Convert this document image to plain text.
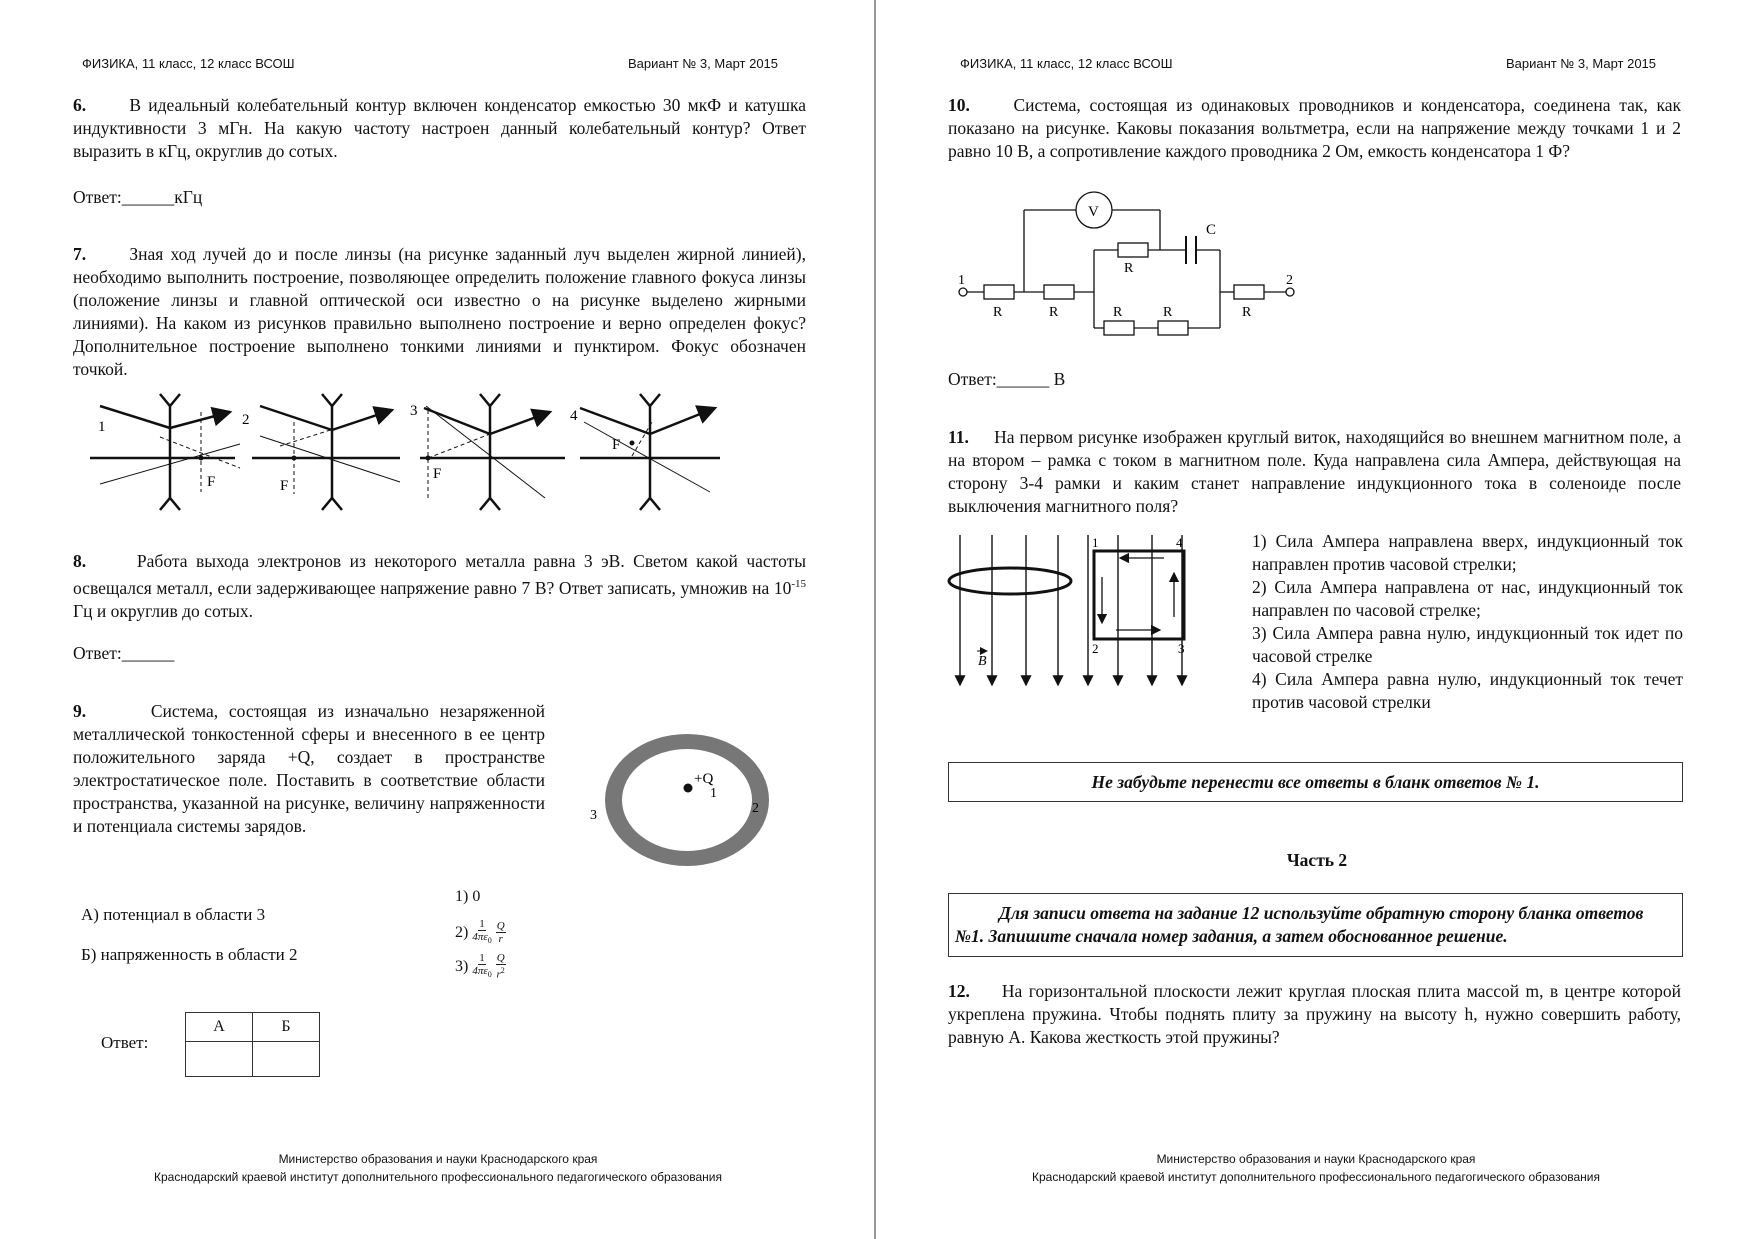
ФИЗИКА, 11 класс, 12 класс ВСОШ	Вариант № 3, Март 2015
6. В идеальный колебательный контур включен конденсатор емкостью 30 мкФ и катушка индуктивности 3 мГн. На какую частоту настроен данный колебательный контур? Ответ выразить в кГц, округлив до сотых.
Ответ:______кГц
7. Зная ход лучей до и после линзы (на рисунке заданный луч выделен жирной линией), необходимо выполнить построение, позволяющее определить положение главного фокуса линзы (положение линзы и главной оптической оси известно о на рисунке выделено жирными линиями). На каком из рисунков правильно выполнено построение и верно определен фокус? Дополнительное построение выполнено тонкими линиями и пунктиром. Фокус обозначен точкой.
1
F
2
F
3
F
4
F
8.	Работа выхода электронов из некоторого металла равна 3 эВ. Светом какой частоты освещался металл, если задерживающее напряжение равно 7 В? Ответ записать, умножив на $10^{-15}$ Гц и округлив до сотых.
Ответ:______
9.	Система, состоящая из изначально незаряженной металлической тонкостенной сферы и внесенного в ее центр положительного заряда +Q, создает в пространстве электростатическое поле. Поставить в соответствие области пространства, указанной на рисунке, величину напряженности и потенциала системы зарядов.
+Q
1
2
3
А) потенциал в области 3
Б) напряженность в области 2
1) 0
$2) \frac{1}{4\pi\varepsilon_0} \frac{Q}{r}$
$3) \frac{1}{4\pi\varepsilon_0} \frac{Q}{r^2}$
Ответ:
А	Б

Министерство образования и науки Краснодарского края
Краснодарский краевой институт дополнительного профессионального педагогического образования
ФИЗИКА, 11 класс, 12 класс ВСОШ	Вариант № 3, Март 2015
10. Система, состоящая из одинаковых проводников и конденсатора, соединена так, как показано на рисунке. Каковы показания вольтметра, если на напряжение между точками 1 и 2 равно 10 В, а сопротивление каждого проводника 2 Ом, емкость конденсатора 1 Ф?
V
C
R
R	R	R	R	R
1	2
Ответ:______ В
11. На первом рисунке изображен круглый виток, находящийся во внешнем магнитном поле, а на втором – рамка с током в магнитном поле. Куда направлена сила Ампера, действующая на сторону 3-4 рамки и каким станет направление индукционного тока в соленоиде после выключения магнитного поля?
1	4
2	3
B
1) Сила Ампера направлена вверх, индукционный ток направлен против часовой стрелки;
2) Сила Ампера направлена от нас, индукционный ток направлен по часовой стрелке;
3) Сила Ампера равна нулю, индукционный ток идет по часовой стрелке
4) Сила Ампера равна нулю, индукционный ток течет против часовой стрелки
Не забудьте перенести все ответы в бланк ответов № 1.
Часть 2
Для записи ответа на задание 12 используйте обратную сторону бланка ответов №1. Запишите сначала номер задания, а затем обоснованное решение.
12. На горизонтальной плоскости лежит круглая плоская плита массой m, в центре которой укреплена пружина. Чтобы поднять плиту за пружину на высоту h, нужно совершить работу, равную А. Какова жесткость этой пружины?
Министерство образования и науки Краснодарского края
Краснодарский краевой институт дополнительного профессионального педагогического образования
